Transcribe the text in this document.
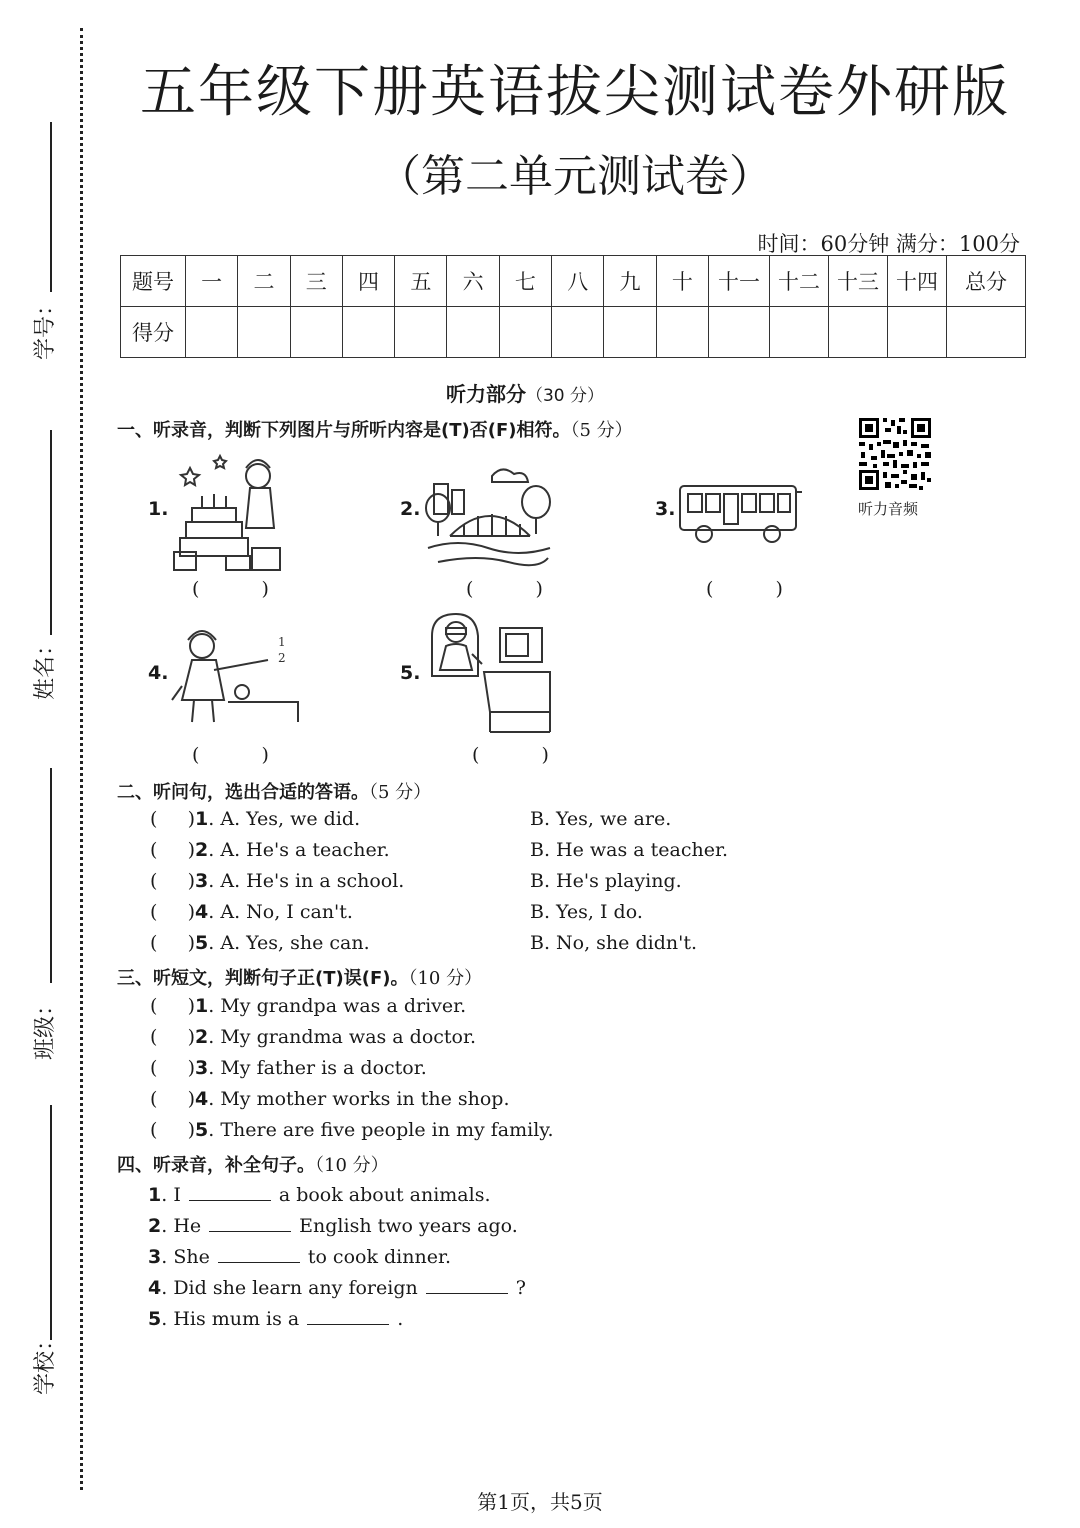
学号：
姓名：
班级：
学校：
五年级下册英语拔尖测试卷外研版
（第二单元测试卷）
时间：60分钟 满分：100分
题号	一	二	三	四	五	六	七	八	九	十	十一	十二	十三	十四	总分
得分															
听力部分（30 分）
一、听录音，判断下列图片与所听内容是(T)否(F)相符。（5 分）
听力音频
1.
( )
2.
( )
3.
( )
4.
1
2
( )
5.
( )
二、听问句，选出合适的答语。（5 分）
(     )1. A. Yes, we did.	B. Yes, we are.
(     )2. A. He's a teacher.	B. He was a teacher.
(     )3. A. He's in a school.	B. He's playing.
(     )4. A. No, I can't.	B. Yes, I do.
(     )5. A. Yes, she can.	B. No, she didn't.
三、听短文，判断句子正(T)误(F)。（10 分）
(     )1. My grandpa was a driver.
(     )2. My grandma was a doctor.
(     )3. My father is a doctor.
(     )4. My mother works in the shop.
(     )5. There are five people in my family.
四、听录音，补全句子。（10 分）
1. I	a book about animals.
2. He	English two years ago.
3. She	to cook dinner.
4. Did she learn any foreign	?
5. His mum is a	.
第1页，共5页
